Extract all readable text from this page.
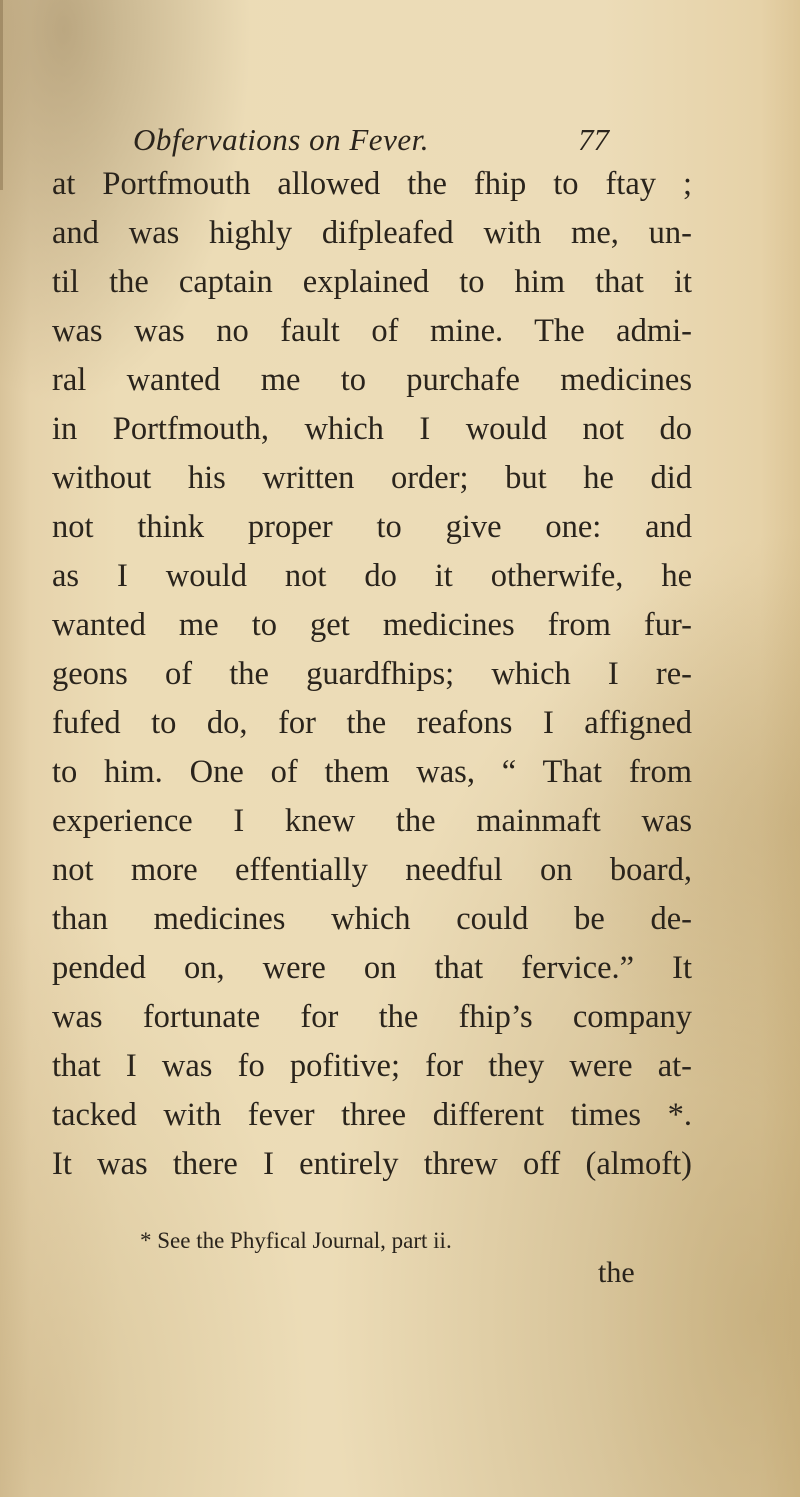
Obfervations on Fever.	77
at Portfmouth allowed the fhip to ftay ;
and was highly difpleafed with me, un-
til the captain explained to him that it
was was no fault of mine. The admi-
ral wanted me to purchafe medicines
in Portfmouth, which I would not do
without his written order; but he did
not think proper to give one: and
as I would not do it otherwife, he
wanted me to get medicines from fur-
geons of the guardfhips; which I re-
fufed to do, for the reafons I affigned
to him. One of them was, “ That from
experience I knew the mainmaft was
not more effentially needful on board,
than medicines which could be de-
pended on, were on that fervice.” It
was fortunate for the fhip’s company
that I was fo pofitive; for they were at-
tacked with fever three different times *.
It was there I entirely threw off (almoft)
* See the Phyfical Journal, part ii.
the
